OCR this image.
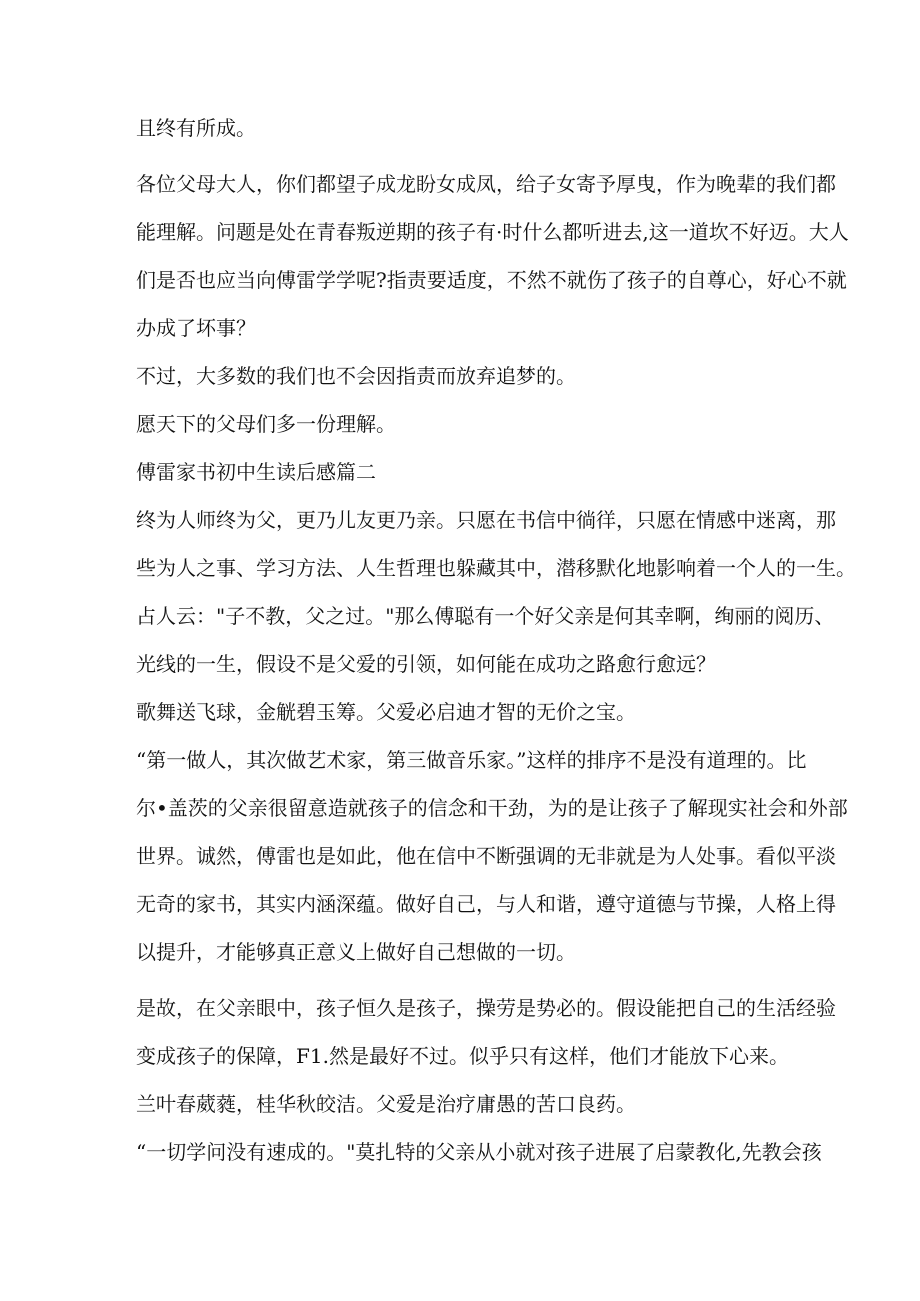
且终有所成。

各位父母大人，你们都望子成龙盼女成凤，给子女寄予厚曳，作为晚辈的我们都
能理解。问题是处在青春叛逆期的孩子有·时什么都听进去,这一道坎不好迈。大人
们是否也应当向傅雷学学呢?指责要适度，不然不就伤了孩子的自尊心，好心不就
办成了坏事？

不过，大多数的我们也不会因指责而放弃追梦的。

愿天下的父母们多一份理解。

傅雷家书初中生读后感篇二

终为人师终为父，更乃儿友更乃亲。只愿在书信中徜徉，只愿在情感中迷离，那
些为人之事、学习方法、人生哲理也躲藏其中，潜移默化地影响着一个人的一生。
占人云："子不教，父之过。"那么傅聪有一个好父亲是何其幸啊，绚丽的阅历、
光线的一生，假设不是父爱的引领，如何能在成功之路愈行愈远？

歌舞送飞球，金觥碧玉筹。父爱必启迪才智的无价之宝。

“第一做人，其次做艺术家，第三做音乐家。”这样的排序不是没有道理的。比
尔•盖茨的父亲很留意造就孩子的信念和干劲，为的是让孩子了解现实社会和外部
世界。诚然，傅雷也是如此，他在信中不断强调的无非就是为人处事。看似平淡
无奇的家书，其实内涵深蕴。做好自己，与人和谐，遵守道德与节操，人格上得
以提升，才能够真正意义上做好自己想做的一切。

是故，在父亲眼中，孩子恒久是孩子，操劳是势必的。假设能把自己的生活经验
变成孩子的保障，F1.然是最好不过。似乎只有这样，他们才能放下心来。

兰叶春葳蕤，桂华秋皎洁。父爱是治疗庸愚的苦口良药。

“一切学问没有速成的。"莫扎特的父亲从小就对孩子进展了启蒙教化,先教会孩
